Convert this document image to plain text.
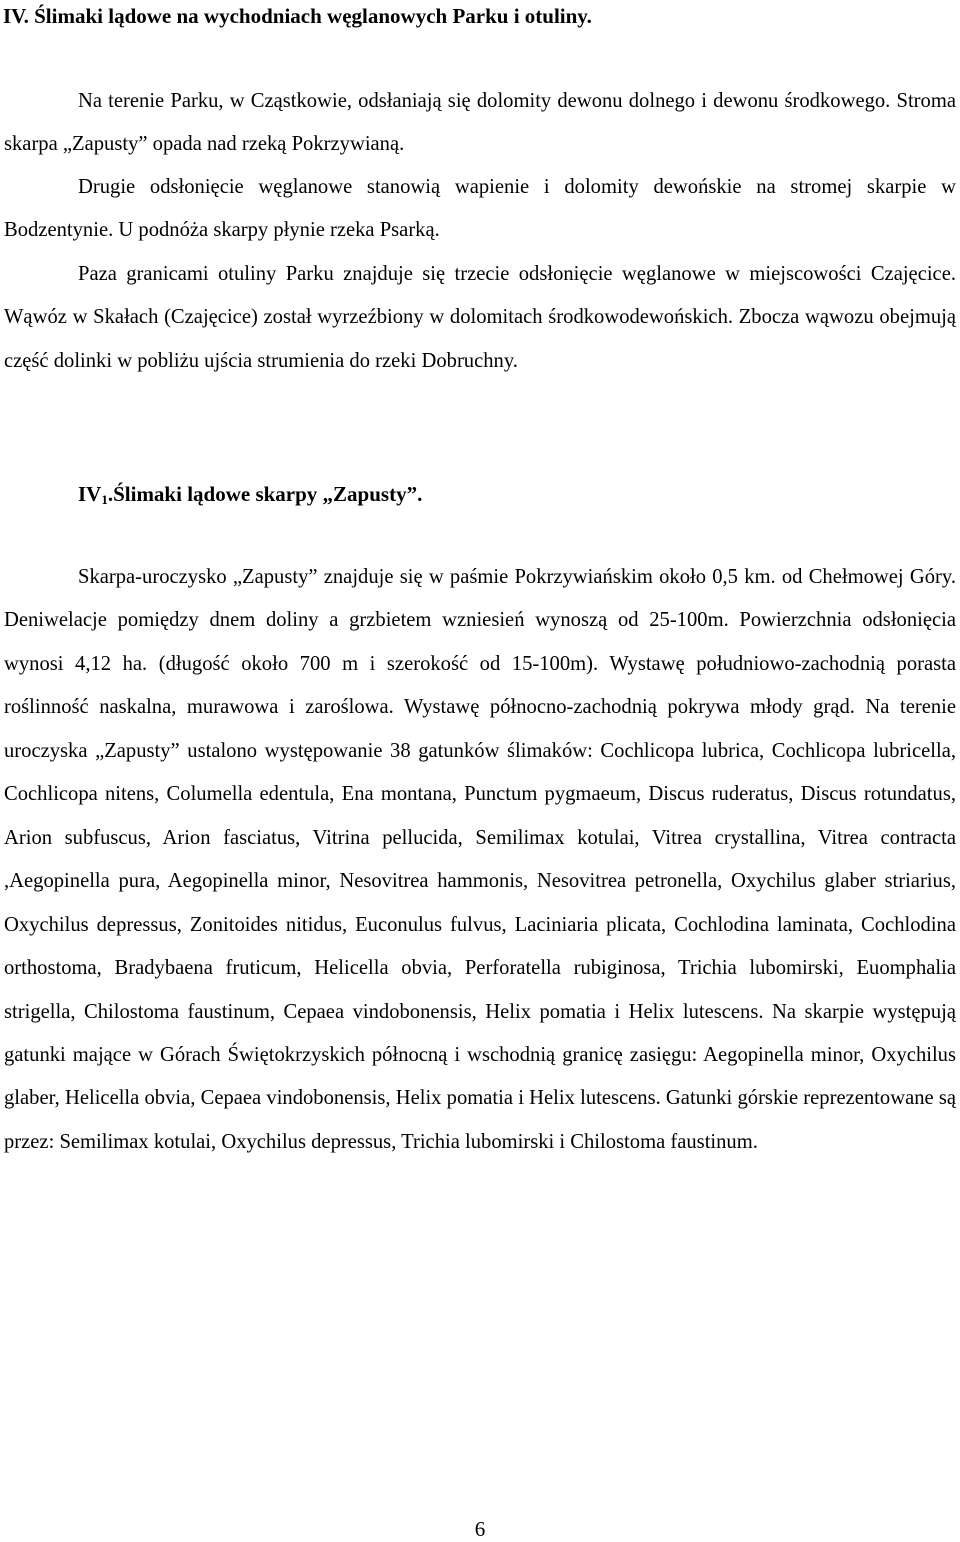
IV. Ślimaki lądowe na wychodniach węglanowych Parku i otuliny.

Na terenie Parku, w Cząstkowie, odsłaniają się dolomity dewonu dolnego i dewonu środkowego. Stroma skarpa „Zapusty” opada nad rzeką Pokrzywianą.

Drugie odsłonięcie węglanowe stanowią wapienie i dolomity dewońskie na stromej skarpie w Bodzentynie. U podnóża skarpy płynie rzeka Psarką.

Paza granicami otuliny Parku znajduje się trzecie odsłonięcie węglanowe w miejscowości Czajęcice. Wąwóz w Skałach (Czajęcice) został wyrzeźbiony w dolomitach środkowodewońskich. Zbocza wąwozu obejmują część dolinki w pobliżu ujścia strumienia do rzeki Dobruchny.

$IV_1.Ślimaki$ lądowe skarpy „Zapusty”.

Skarpa-uroczysko „Zapusty” znajduje się w paśmie Pokrzywiańskim około 0,5 km. od Chełmowej Góry. Deniwelacje pomiędzy dnem doliny a grzbietem wzniesień wynoszą od 25-100m. Powierzchnia odsłonięcia wynosi 4,12 ha. (długość około 700 m i szerokość od 15-100m). Wystawę południowo-zachodnią porasta roślinność naskalna, murawowa i zaroślowa. Wystawę północno-zachodnią pokrywa młody grąd. Na terenie uroczyska „Zapusty” ustalono występowanie 38 gatunków ślimaków: Cochlicopa lubrica, Cochlicopa lubricella, Cochlicopa nitens, Columella edentula, Ena montana, Punctum pygmaeum, Discus ruderatus, Discus rotundatus, Arion subfuscus, Arion fasciatus, Vitrina pellucida, Semilimax kotulai, Vitrea crystallina, Vitrea contracta ,Aegopinella pura, Aegopinella minor, Nesovitrea hammonis, Nesovitrea petronella, Oxychilus glaber striarius, Oxychilus depressus, Zonitoides nitidus, Euconulus fulvus, Laciniaria plicata, Cochlodina laminata, Cochlodina orthostoma, Bradybaena fruticum, Helicella obvia, Perforatella rubiginosa, Trichia lubomirski, Euomphalia strigella, Chilostoma faustinum, Cepaea vindobonensis, Helix pomatia i Helix lutescens. Na skarpie występują gatunki mające w Górach Świętokrzyskich północną i wschodnią granicę zasięgu: Aegopinella minor, Oxychilus glaber, Helicella obvia, Cepaea vindobonensis, Helix pomatia i Helix lutescens. Gatunki górskie reprezentowane są przez: Semilimax kotulai, Oxychilus depressus, Trichia lubomirski i Chilostoma faustinum.

6
